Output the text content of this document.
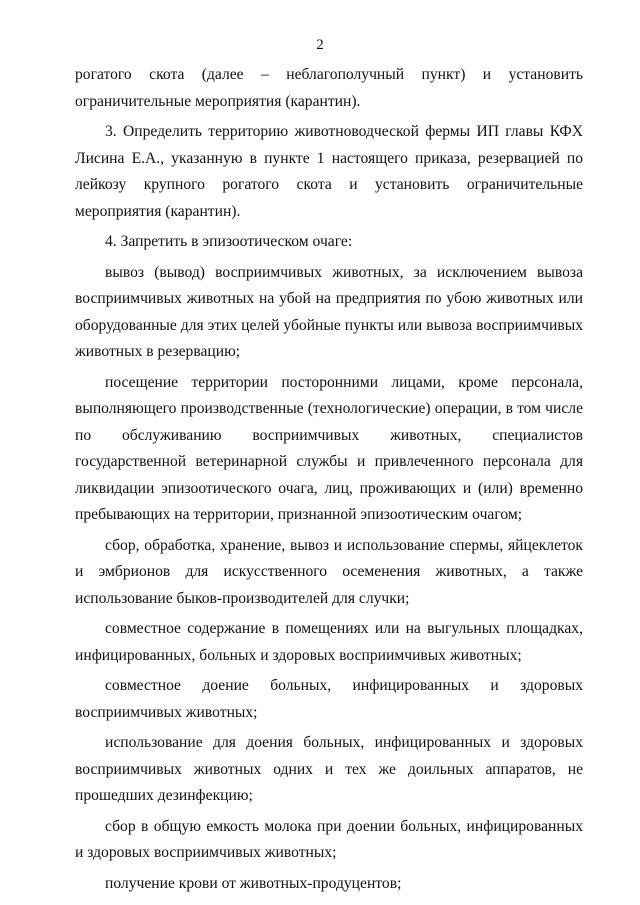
2

рогатого скота (далее – неблагополучный пункт) и установить ограничительные мероприятия (карантин).

3. Определить территорию животноводческой фермы ИП главы КФХ Лисина Е.А., указанную в пункте 1 настоящего приказа, резервацией по лейкозу крупного рогатого скота и установить ограничительные мероприятия (карантин).

4. Запретить в эпизоотическом очаге:

вывоз (вывод) восприимчивых животных, за исключением вывоза восприимчивых животных на убой на предприятия по убою животных или оборудованные для этих целей убойные пункты или вывоза восприимчивых животных в резервацию;

посещение территории посторонними лицами, кроме персонала, выполняющего производственные (технологические) операции, в том числе по обслуживанию восприимчивых животных, специалистов государственной ветеринарной службы и привлеченного персонала для ликвидации эпизоотического очага, лиц, проживающих и (или) временно пребывающих на территории, признанной эпизоотическим очагом;

сбор, обработка, хранение, вывоз и использование спермы, яйцеклеток и эмбрионов для искусственного осеменения животных, а также использование быков-производителей для случки;

совместное содержание в помещениях или на выгульных площадках, инфицированных, больных и здоровых восприимчивых животных;

совместное доение больных, инфицированных и здоровых восприимчивых животных;

использование для доения больных, инфицированных и здоровых восприимчивых животных одних и тех же доильных аппаратов, не прошедших дезинфекцию;

сбор в общую емкость молока при доении больных, инфицированных и здоровых восприимчивых животных;

получение крови от животных-продуцентов;
